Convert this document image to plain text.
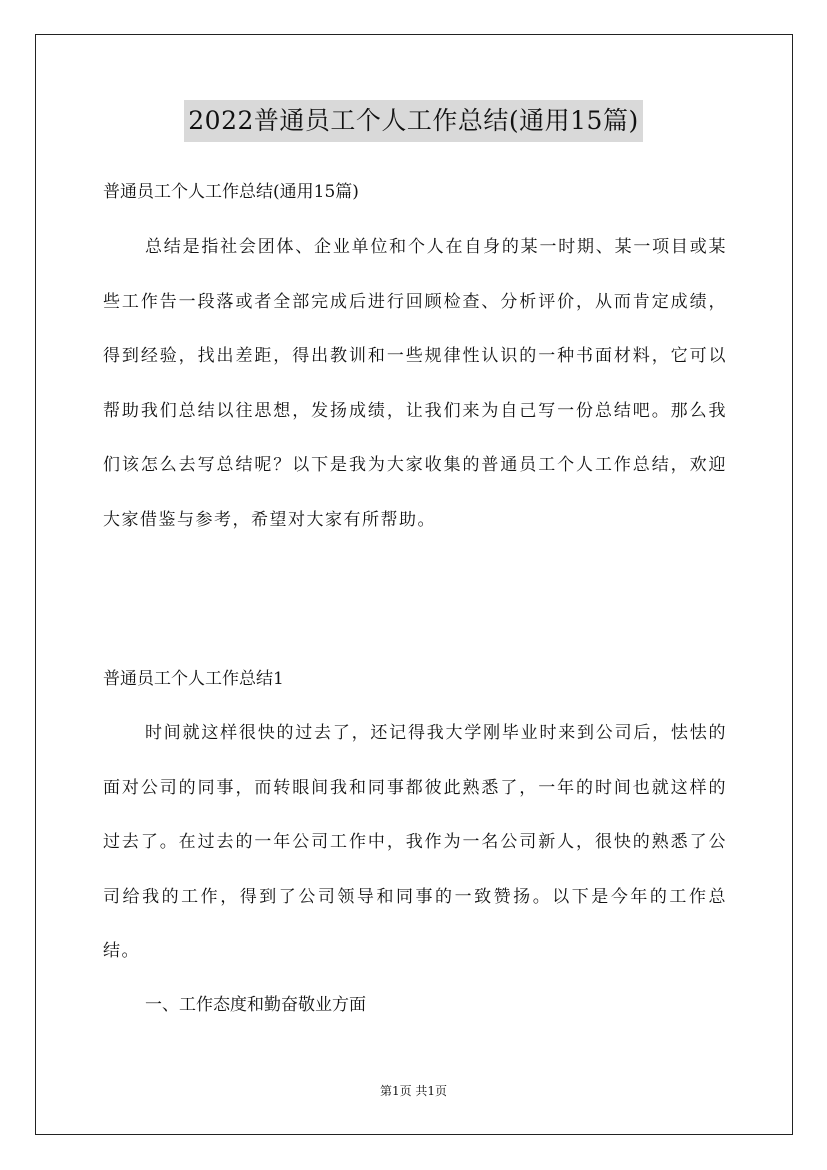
2022普通员工个人工作总结(通用15篇)
普通员工个人工作总结(通用15篇)
总结是指社会团体、企业单位和个人在自身的某一时期、某一项目或某些工作告一段落或者全部完成后进行回顾检查、分析评价，从而肯定成绩，得到经验，找出差距，得出教训和一些规律性认识的一种书面材料，它可以帮助我们总结以往思想，发扬成绩，让我们来为自己写一份总结吧。那么我们该怎么去写总结呢？以下是我为大家收集的普通员工个人工作总结，欢迎大家借鉴与参考，希望对大家有所帮助。
普通员工个人工作总结1
时间就这样很快的过去了，还记得我大学刚毕业时来到公司后，怯怯的面对公司的同事，而转眼间我和同事都彼此熟悉了，一年的时间也就这样的过去了。在过去的一年公司工作中，我作为一名公司新人，很快的熟悉了公司给我的工作，得到了公司领导和同事的一致赞扬。以下是今年的工作总结。
一、工作态度和勤奋敬业方面
第1页 共1页
